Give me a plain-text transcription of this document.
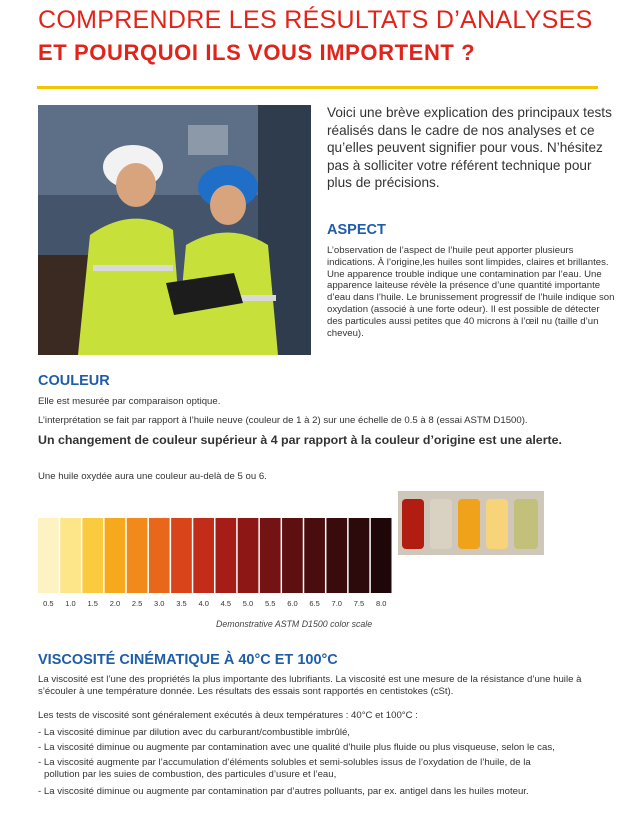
COMPRENDRE LES RÉSULTATS D’ANALYSES
ET POURQUOI ILS VOUS IMPORTENT ?
Voici une brève explication des principaux tests réalisés dans le cadre de nos analyses et ce qu’elles peuvent signifier pour vous. N’hésitez pas à solliciter votre référent technique pour plus de précisions.
ASPECT
L’observation de l’aspect de l’huile peut apporter plusieurs indications. À l’origine,les huiles sont limpides, claires et brillantes. Une apparence trouble indique une contamination par l’eau. Une apparence laiteuse révèle la présence d’une quantité importante d’eau dans l’huile. Le brunissement progressif de l’huile indique son oxydation (associé à une forte odeur). Il est possible de détecter des particules aussi petites que 40 microns à l’œil nu (taille d’un cheveu).
COULEUR
Elle est mesurée par comparaison optique.
L’interprétation se fait par rapport à l’huile neuve (couleur de 1 à 2) sur une échelle de 0.5 à 8 (essai ASTM D1500).
Un changement de couleur supérieur à 4 par rapport à la couleur d’origine est une alerte.
Une huile oxydée aura une couleur au-delà de 5 ou 6.
0.5 1.0 1.5 2.0 2.5 3.0 3.5 4.0 4.5 5.0 5.5 6.0 6.5 7.0 7.5 8.0
Demonstrative ASTM D1500 color scale
VISCOSITÉ CINÉMATIQUE À 40°C ET 100°C
La viscosité est l’une des propriétés la plus importante des lubrifiants. La viscosité est une mesure de la résistance d’une huile à s’écouler à une température donnée. Les résultats des essais sont rapportés en centistokes (cSt).
Les tests de viscosité sont généralement exécutés à deux températures : 40°C et 100°C :
- La viscosité diminue par dilution avec du carburant/combustible imbrûlé,
- La viscosité diminue ou augmente par contamination avec une qualité d’huile plus fluide ou plus visqueuse, selon le cas,
- La viscosité augmente par l’accumulation d’éléments solubles et semi-solubles issus de l’oxydation de l’huile, de la
pollution par les suies de combustion, des particules d’usure et l’eau,
- La viscosité diminue ou augmente par contamination par d’autres polluants, par ex. antigel dans les huiles moteur.
